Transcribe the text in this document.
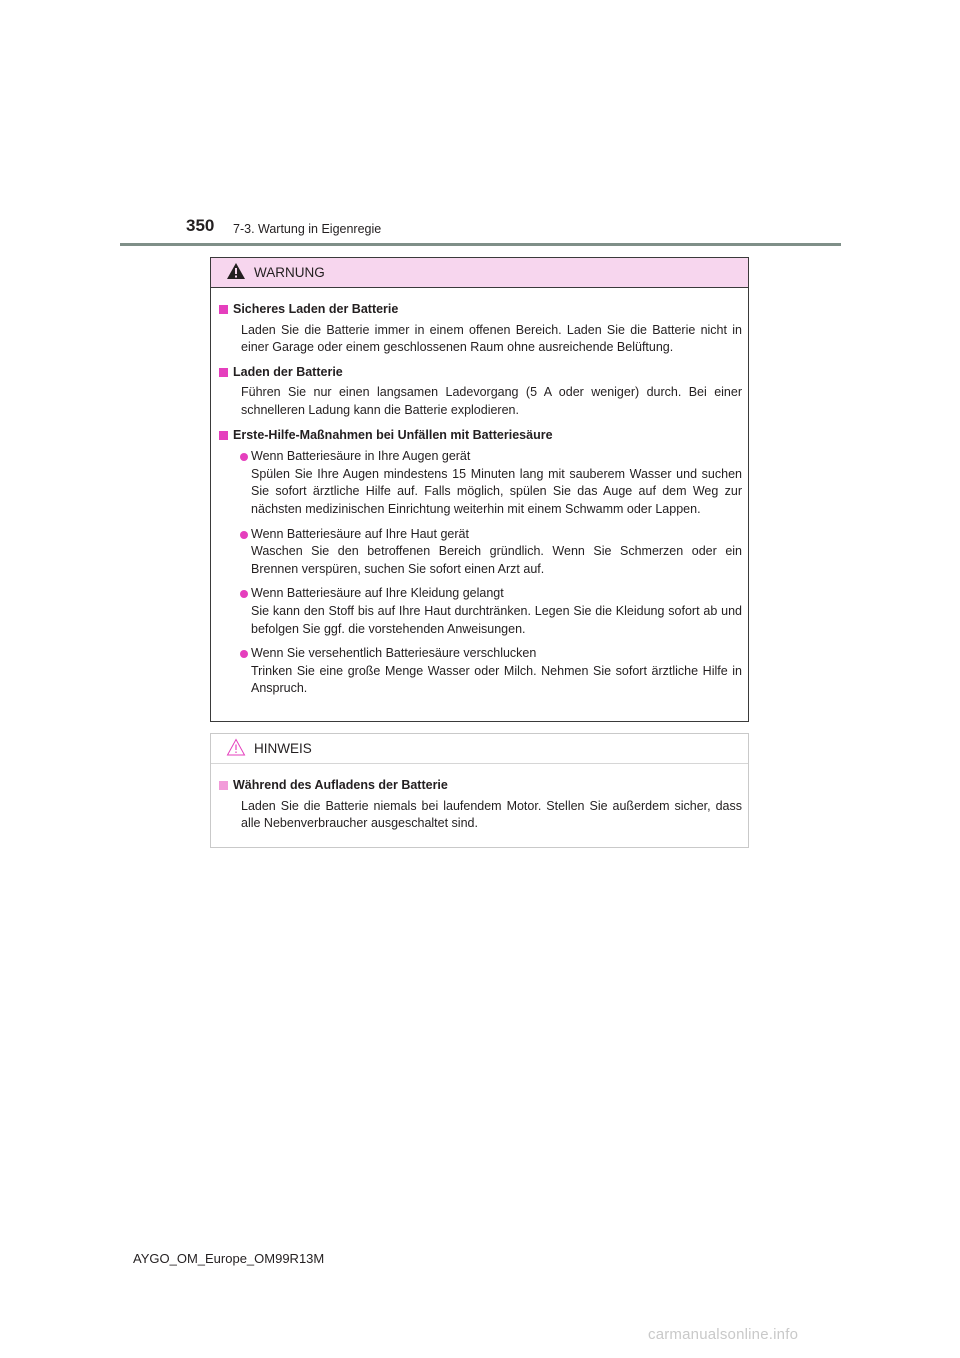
350 7-3. Wartung in Eigenregie
WARNUNG
Sicheres Laden der Batterie
Laden Sie die Batterie immer in einem offenen Bereich. Laden Sie die Batterie nicht in einer Garage oder einem geschlossenen Raum ohne ausreichende Belüftung.
Laden der Batterie
Führen Sie nur einen langsamen Ladevorgang (5 A oder weniger) durch. Bei einer schnelleren Ladung kann die Batterie explodieren.
Erste-Hilfe-Maßnahmen bei Unfällen mit Batteriesäure
Wenn Batteriesäure in Ihre Augen gerät
Spülen Sie Ihre Augen mindestens 15 Minuten lang mit sauberem Wasser und suchen Sie sofort ärztliche Hilfe auf. Falls möglich, spülen Sie das Auge auf dem Weg zur nächsten medizinischen Einrichtung weiterhin mit einem Schwamm oder Lappen.
Wenn Batteriesäure auf Ihre Haut gerät
Waschen Sie den betroffenen Bereich gründlich. Wenn Sie Schmerzen oder ein Brennen verspüren, suchen Sie sofort einen Arzt auf.
Wenn Batteriesäure auf Ihre Kleidung gelangt
Sie kann den Stoff bis auf Ihre Haut durchtränken. Legen Sie die Kleidung sofort ab und befolgen Sie ggf. die vorstehenden Anweisungen.
Wenn Sie versehentlich Batteriesäure verschlucken
Trinken Sie eine große Menge Wasser oder Milch. Nehmen Sie sofort ärztliche Hilfe in Anspruch.
HINWEIS
Während des Aufladens der Batterie
Laden Sie die Batterie niemals bei laufendem Motor. Stellen Sie außerdem sicher, dass alle Nebenverbraucher ausgeschaltet sind.
AYGO_OM_Europe_OM99R13M
carmanualsonline.info
